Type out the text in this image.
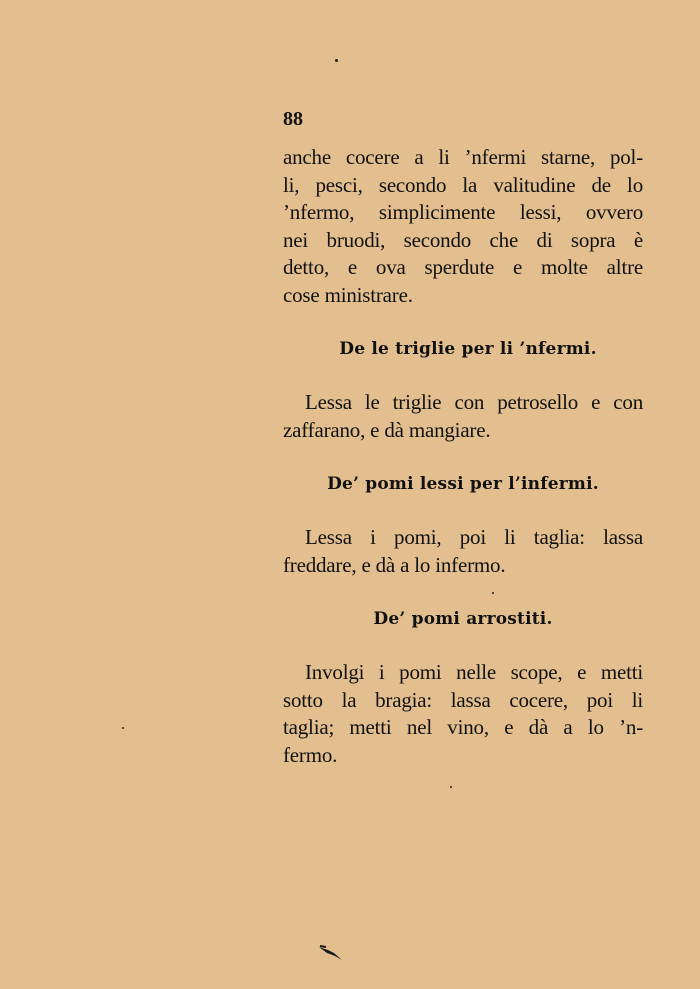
88

anche cocere a li ’nfermi starne, pol-
li, pesci, secondo la valitudine de lo
’nfermo, simplicimente lessi, ovvero
nei bruodi, secondo che di sopra è
detto, e ova sperdute e molte altre
cose ministrare.

De le triglie per li ’nfermi.

Lessa le triglie con petrosello e con
zaffarano, e dà mangiare.

De’ pomi lessi per l’infermi.

Lessa i pomi, poi li taglia: lassa
freddare, e dà a lo infermo.

De’ pomi arrostiti.

Involgi i pomi nelle scope, e metti
sotto la bragia: lassa cocere, poi li
taglia; metti nel vino, e dà a lo ’n-
fermo.
